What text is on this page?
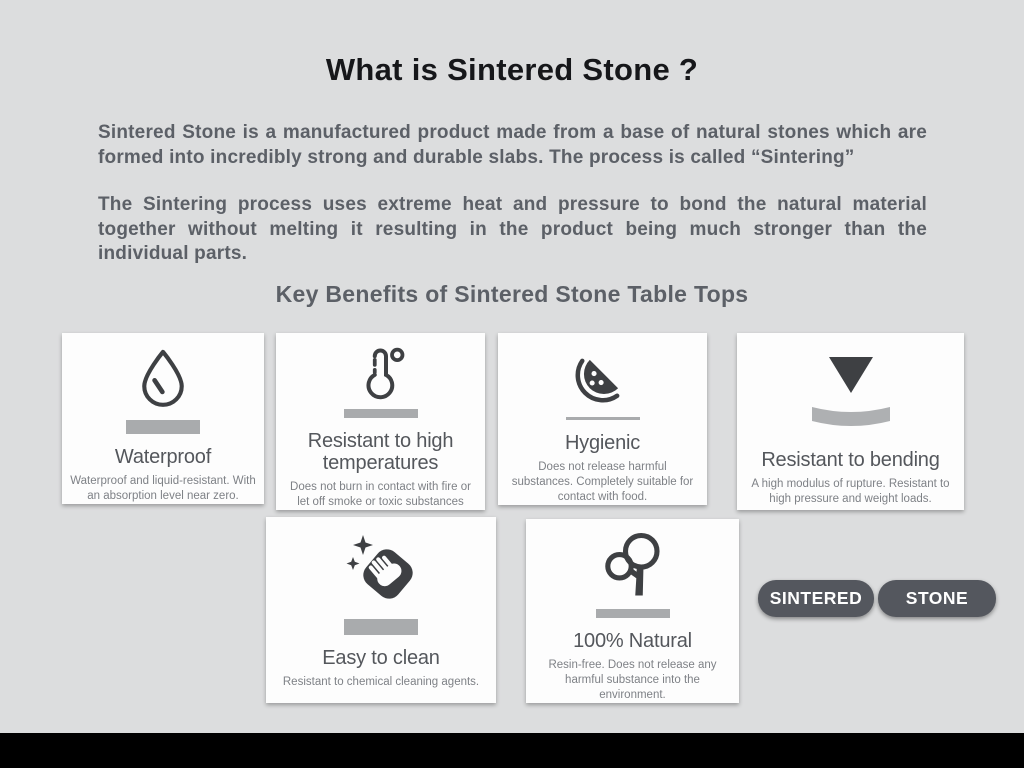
What is Sintered Stone ?

Sintered Stone is a manufactured product made from a base of natural stones which are formed into incredibly strong and durable slabs. The process is called “Sintering”

The Sintering process uses extreme heat and pressure to bond the natural material together without melting it resulting in the product being much stronger than the individual parts.

Key Benefits of Sintered Stone Table Tops
Waterproof
Waterproof and liquid-resistant. With an absorption level near zero.
Resistant to high temperatures
Does not burn in contact with fire or let off smoke or toxic substances
Hygienic
Does not release harmful substances. Completely suitable for contact with food.
Resistant to bending
A high modulus of rupture. Resistant to high pressure and weight loads.
Easy to clean
Resistant to chemical cleaning agents.
100% Natural
Resin-free. Does not release any harmful substance into the environment.
SINTERED	STONE
